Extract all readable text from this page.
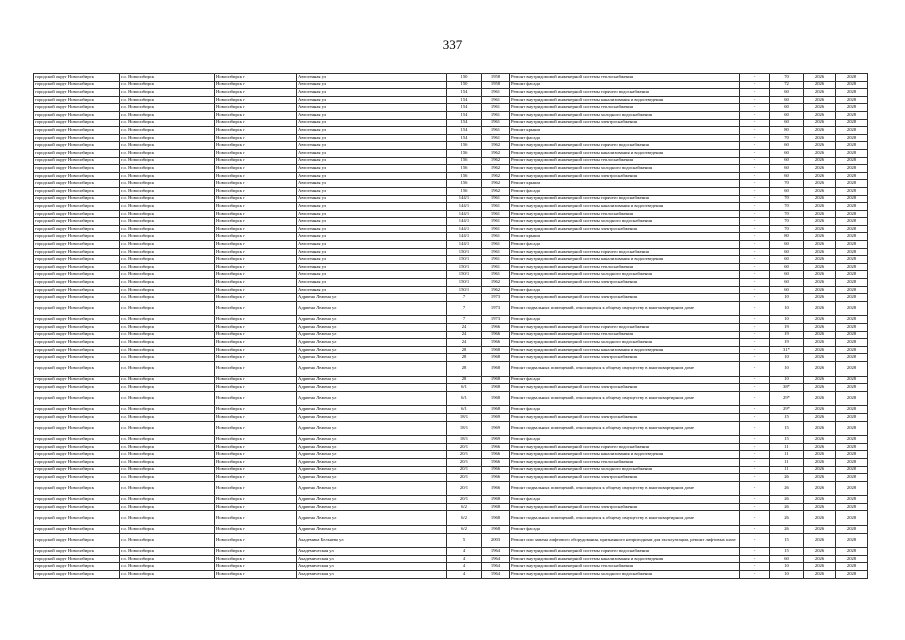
337
городской округ Новосибирск	г.о. Новосибирск	Новосибирск г	Автогенная ул	150	1958	Ремонт внутридомовой инженерной системы теплоснабжения	-	70	2026	2028
городской округ Новосибирск	г.о. Новосибирск	Новосибирск г	Автогенная ул	150	1958	Ремонт фасада	-	72	2026	2028
городской округ Новосибирск	г.о. Новосибирск	Новосибирск г	Автогенная ул	154	1961	Ремонт внутридомовой инженерной системы горячего водоснабжения	-	60	2026	2028
городской округ Новосибирск	г.о. Новосибирск	Новосибирск г	Автогенная ул	154	1961	Ремонт внутридомовой инженерной системы канализования и водоотведения	-	60	2026	2028
городской округ Новосибирск	г.о. Новосибирск	Новосибирск г	Автогенная ул	154	1961	Ремонт внутридомовой инженерной системы теплоснабжения	-	60	2026	2028
городской округ Новосибирск	г.о. Новосибирск	Новосибирск г	Автогенная ул	154	1961	Ремонт внутридомовой инженерной системы холодного водоснабжения	-	60	2026	2028
городской округ Новосибирск	г.о. Новосибирск	Новосибирск г	Автогенная ул	154	1961	Ремонт внутридомовой инженерной системы электроснабжения	-	60	2026	2028
городской округ Новосибирск	г.о. Новосибирск	Новосибирск г	Автогенная ул	154	1961	Ремонт крыши	-	80	2026	2028
городской округ Новосибирск	г.о. Новосибирск	Новосибирск г	Автогенная ул	154	1961	Ремонт фасада	-	70	2026	2028
городской округ Новосибирск	г.о. Новосибирск	Новосибирск г	Автогенная ул	156	1962	Ремонт внутридомовой инженерной системы горячего водоснабжения	-	60	2026	2028
городской округ Новосибирск	г.о. Новосибирск	Новосибирск г	Автогенная ул	156	1962	Ремонт внутридомовой инженерной системы канализования и водоотведения	-	60	2026	2028
городской округ Новосибирск	г.о. Новосибирск	Новосибирск г	Автогенная ул	156	1962	Ремонт внутридомовой инженерной системы теплоснабжения	-	60	2026	2028
городской округ Новосибирск	г.о. Новосибирск	Новосибирск г	Автогенная ул	156	1962	Ремонт внутридомовой инженерной системы холодного водоснабжения	-	60	2026	2028
городской округ Новосибирск	г.о. Новосибирск	Новосибирск г	Автогенная ул	156	1962	Ремонт внутридомовой инженерной системы электроснабжения	-	60	2026	2028
городской округ Новосибирск	г.о. Новосибирск	Новосибирск г	Автогенная ул	156	1962	Ремонт крыши	-	70	2026	2028
городской округ Новосибирск	г.о. Новосибирск	Новосибирск г	Автогенная ул	156	1962	Ремонт фасада	-	60	2026	2028
городской округ Новосибирск	г.о. Новосибирск	Новосибирск г	Автогенная ул	144/1	1961	Ремонт внутридомовой инженерной системы горячего водоснабжения	-	70	2026	2028
городской округ Новосибирск	г.о. Новосибирск	Новосибирск г	Автогенная ул	144/1	1961	Ремонт внутридомовой инженерной системы канализования и водоотведения	-	70	2026	2028
городской округ Новосибирск	г.о. Новосибирск	Новосибирск г	Автогенная ул	144/1	1961	Ремонт внутридомовой инженерной системы теплоснабжения	-	70	2026	2028
городской округ Новосибирск	г.о. Новосибирск	Новосибирск г	Автогенная ул	144/1	1961	Ремонт внутридомовой инженерной системы холодного водоснабжения	-	70	2026	2028
городской округ Новосибирск	г.о. Новосибирск	Новосибирск г	Автогенная ул	144/1	1961	Ремонт внутридомовой инженерной системы электроснабжения	-	70	2026	2028
городской округ Новосибирск	г.о. Новосибирск	Новосибирск г	Автогенная ул	144/1	1961	Ремонт крыши	-	80	2026	2028
городской округ Новосибирск	г.о. Новосибирск	Новосибирск г	Автогенная ул	144/1	1961	Ремонт фасада	-	60	2026	2028
городской округ Новосибирск	г.о. Новосибирск	Новосибирск г	Автогенная ул	150/1	1961	Ремонт внутридомовой инженерной системы горячего водоснабжения	-	60	2026	2028
городской округ Новосибирск	г.о. Новосибирск	Новосибирск г	Автогенная ул	150/1	1961	Ремонт внутридомовой инженерной системы канализования и водоотведения	-	60	2026	2028
городской округ Новосибирск	г.о. Новосибирск	Новосибирск г	Автогенная ул	150/1	1961	Ремонт внутридомовой инженерной системы теплоснабжения	-	60	2026	2028
городской округ Новосибирск	г.о. Новосибирск	Новосибирск г	Автогенная ул	150/1	1961	Ремонт внутридомовой инженерной системы холодного водоснабжения	-	60	2026	2028
городской округ Новосибирск	г.о. Новосибирск	Новосибирск г	Автогенная ул	150/1	1962	Ремонт внутридомовой инженерной системы электроснабжения	-	60	2026	2028
городской округ Новосибирск	г.о. Новосибирск	Новосибирск г	Автогенная ул	150/1	1962	Ремонт фасада	-	60	2026	2028
городской округ Новосибирск	г.о. Новосибирск	Новосибирск г	Адриена Лежена ул	7	1973	Ремонт внутридомовой инженерной системы электроснабжения	-	10	2026	2028
городской округ Новосибирск	г.о. Новосибирск	Новосибирск г	Адриена Лежена ул	7	1973	Ремонт подвальных помещений, относящихся к общему имуществу в многоквартирном доме	-	10	2026	2028
городской округ Новосибирск	г.о. Новосибирск	Новосибирск г	Адриена Лежена ул	7	1973	Ремонт фасада	-	10	2026	2028
городской округ Новосибирск	г.о. Новосибирск	Новосибирск г	Адриена Лежена ул	24	1966	Ремонт внутридомовой инженерной системы горячего водоснабжения	-	19	2026	2028
городской округ Новосибирск	г.о. Новосибирск	Новосибирск г	Адриена Лежена ул	24	1966	Ремонт внутридомовой инженерной системы теплоснабжения	-	19	2026	2028
городской округ Новосибирск	г.о. Новосибирск	Новосибирск г	Адриена Лежена ул	24	1966	Ремонт внутридомовой инженерной системы холодного водоснабжения	-	19	2026	2028
городской округ Новосибирск	г.о. Новосибирск	Новосибирск г	Адриена Лежена ул	28	1968	Ремонт внутридомовой инженерной системы канализования и водоотведения	-	31*	2026	2028
городской округ Новосибирск	г.о. Новосибирск	Новосибирск г	Адриена Лежена ул	28	1968	Ремонт внутридомовой инженерной системы электроснабжения	-	10	2026	2028
городской округ Новосибирск	г.о. Новосибирск	Новосибирск г	Адриена Лежена ул	28	1968	Ремонт подвальных помещений, относящихся к общему имуществу в многоквартирном доме	-	10	2026	2028
городской округ Новосибирск	г.о. Новосибирск	Новосибирск г	Адриена Лежена ул	28	1968	Ремонт фасада	-	10	2026	2028
городской округ Новосибирск	г.о. Новосибирск	Новосибирск г	Адриена Лежена ул	6/1	1968	Ремонт внутридомовой инженерной системы электроснабжения	-	38*	2026	2028
городской округ Новосибирск	г.о. Новосибирск	Новосибирск г	Адриена Лежена ул	6/1	1968	Ремонт подвальных помещений, относящихся к общему имуществу в многоквартирном доме	-	29*	2026	2028
городской округ Новосибирск	г.о. Новосибирск	Новосибирск г	Адриена Лежена ул	6/1	1968	Ремонт фасада	-	29*	2026	2028
городской округ Новосибирск	г.о. Новосибирск	Новосибирск г	Адриена Лежена ул	18/1	1969	Ремонт внутридомовой инженерной системы электроснабжения	-	15	2026	2028
городской округ Новосибирск	г.о. Новосибирск	Новосибирск г	Адриена Лежена ул	18/1	1969	Ремонт подвальных помещений, относящихся к общему имуществу в многоквартирном доме	-	15	2026	2028
городской округ Новосибирск	г.о. Новосибирск	Новосибирск г	Адриена Лежена ул	18/1	1969	Ремонт фасада	-	15	2026	2028
городской округ Новосибирск	г.о. Новосибирск	Новосибирск г	Адриена Лежена ул	20/1	1966	Ремонт внутридомовой инженерной системы горячего водоснабжения	-	11	2026	2028
городской округ Новосибирск	г.о. Новосибирск	Новосибирск г	Адриена Лежена ул	20/1	1966	Ремонт внутридомовой инженерной системы канализования и водоотведения	-	11	2026	2028
городской округ Новосибирск	г.о. Новосибирск	Новосибирск г	Адриена Лежена ул	20/1	1966	Ремонт внутридомовой инженерной системы теплоснабжения	-	11	2026	2028
городской округ Новосибирск	г.о. Новосибирск	Новосибирск г	Адриена Лежена ул	20/1	1966	Ремонт внутридомовой инженерной системы холодного водоснабжения	-	11	2026	2028
городской округ Новосибирск	г.о. Новосибирск	Новосибирск г	Адриена Лежена ул	20/1	1966	Ремонт внутридомовой инженерной системы электроснабжения	-	26	2026	2028
городской округ Новосибирск	г.о. Новосибирск	Новосибирск г	Адриена Лежена ул	20/1	1966	Ремонт подвальных помещений, относящихся к общему имуществу в многоквартирном доме	-	26	2026	2028
городской округ Новосибирск	г.о. Новосибирск	Новосибирск г	Адриена Лежена ул	20/1	1968	Ремонт фасада	-	26	2026	2028
городской округ Новосибирск	г.о. Новосибирск	Новосибирск г	Адриена Лежена ул	6/2	1968	Ремонт внутридомовой инженерной системы электроснабжения	-	26	2026	2028
городской округ Новосибирск	г.о. Новосибирск	Новосибирск г	Адриена Лежена ул	6/2	1968	Ремонт подвальных помещений, относящихся к общему имуществу в многоквартирном доме	-	26	2026	2028
городской округ Новосибирск	г.о. Новосибирск	Новосибирск г	Адриена Лежена ул	6/2	1968	Ремонт фасада	-	26	2026	2028
городской округ Новосибирск	г.о. Новосибирск	Новосибирск г	Академика Бельяева ул	5	2003	Ремонт или замена лифтового оборудования, признанного непригодным для эксплуатации, ремонт лифтовых шахт	-	15	2026	2028
городской округ Новосибирск	г.о. Новосибирск	Новосибирск г	Академическая ул	4	1964	Ремонт внутридомовой инженерной системы горячего водоснабжения	-	15	2026	2028
городской округ Новосибирск	г.о. Новосибирск	Новосибирск г	Академическая ул	4	1964	Ремонт внутридомовой инженерной системы канализования и водоотведения	-	60	2026	2028
городской округ Новосибирск	г.о. Новосибирск	Новосибирск г	Академическая ул	4	1964	Ремонт внутридомовой инженерной системы теплоснабжения	-	10	2026	2028
городской округ Новосибирск	г.о. Новосибирск	Новосибирск г	Академическая ул	4	1964	Ремонт внутридомовой инженерной системы холодного водоснабжения	-	10	2026	2028
